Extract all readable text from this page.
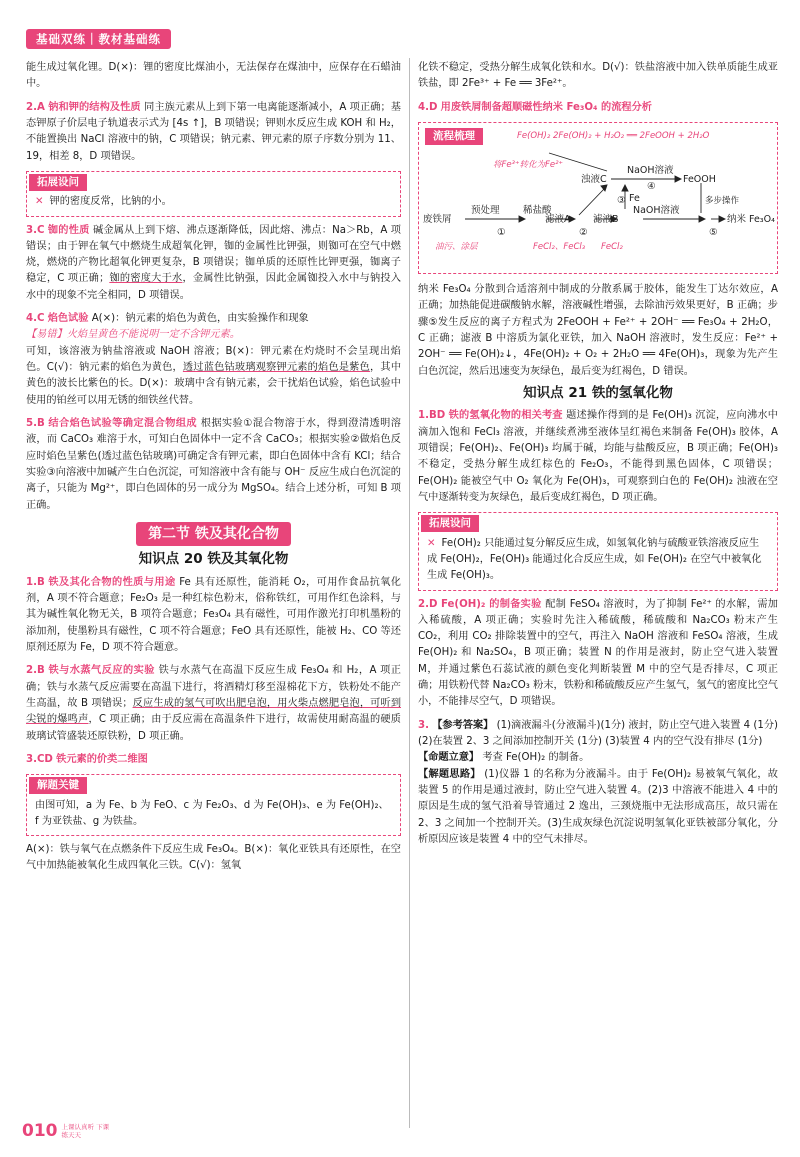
基础双练｜教材基础练

能生成过氧化锂。D(×)：锂的密度比煤油小，无法保存在煤油中，应保存在石蜡油中。

2.A 钠和钾的结构及性质 同主族元素从上到下第一电离能逐渐减小，A 项正确；基态钾原子价层电子轨道表示式为 [4s ↑]，B 项错误；钾则水反应生成 KOH 和 H₂，不能置换出 NaCl 溶液中的钠，C 项错误；钠元素、钾元素的原子序数分别为 11、19，相差 8，D 项错误。

拓展设问
✕ 钾的密度反常，比钠的小。

3.C 铷的性质 碱金属从上到下熔、沸点逐渐降低，因此熔、沸点：Na＞Rb，A 项错误；由于钾在氧气中燃烧生成超氧化钾，铷的金属性比钾强，则铷可在空气中燃烧，燃烧的产物比超氧化钾更复杂，B 项错误；铷单质的还原性比钾更强，铷离子稳定，C 项正确；铷的密度大于水，金属性比钠强，因此金属铷投入水中与钠投入水中的现象不完全相同，D 项错误。

4.C 焰色试验 A(×)：钠元素的焰色为黄色，由实验操作和现象
【易错】火焰呈黄色不能说明一定不含钾元素。
可知，该溶液为钠盐溶液或 NaOH 溶液；B(×)：钾元素在灼烧时不会呈现出焰色。C(√)：钠元素的焰色为黄色，透过蓝色钴玻璃观察钾元素的焰色是紫色，其中黄色的波长比紫色的长。D(×)：玻璃中含有钠元素，会干扰焰色试验，焰色试验中使用的铂丝可以用无锈的细铁丝代替。

5.B 结合焰色试验等确定混合物组成 根据实验①混合物溶于水，得到澄清透明溶液，而 CaCO₃ 难溶于水，可知白色固体中一定不含 CaCO₃；根据实验②做焰色反应时焰色呈紫色(透过蓝色钴玻璃)可确定含有钾元素，即白色固体中含有 KCl；结合实验③向溶液中加碱产生白色沉淀，可知溶液中含有能与 OH⁻ 反应生成白色沉淀的离子，只能为 Mg²⁺，即白色固体的另一成分为 MgSO₄。结合上述分析，可知 B 项正确。

第二节 铁及其化合物
知识点 20 铁及其氧化物

1.B 铁及其化合物的性质与用途 Fe 具有还原性，能消耗 O₂，可用作食品抗氧化剂，A 项不符合题意；Fe₂O₃ 是一种红棕色粉末，俗称铁红，可用作红色涂料，与其为碱性氧化物无关，B 项符合题意；Fe₃O₄ 具有磁性，可用作激光打印机墨粉的添加剂，使墨粉具有磁性，C 项不符合题意；FeO 具有还原性，能被 H₂、CO 等还原剂还原为 Fe，D 项不符合题意。

2.B 铁与水蒸气反应的实验 铁与水蒸气在高温下反应生成 Fe₃O₄ 和 H₂，A 项正确；铁与水蒸气反应需要在高温下进行，将酒精灯移至湿棉花下方，铁粉处不能产生高温，故 B 项错误；反应生成的氢气可吹出肥皂泡，用火柴点燃肥皂泡，可听到尖锐的爆鸣声，C 项正确；由于反应需在高温条件下进行，故需使用耐高温的硬质玻璃试管盛装还原铁粉，D 项正确。

3.CD 铁元素的价类二维图

解题关键
由图可知，a 为 Fe、b 为 FeO、c 为 Fe₂O₃、d 为 Fe(OH)₃、e 为 Fe(OH)₂、f 为亚铁盐、g 为铁盐。

A(×)：铁与氧气在点燃条件下反应生成 Fe₃O₄。B(×)：氧化亚铁具有还原性，在空气中加热能被氧化生成四氧化三铁。C(√)：氢氧

化铁不稳定，受热分解生成氧化铁和水。D(√)：铁盐溶液中加入铁单质能生成亚铁盐，即 2Fe³⁺ + Fe ══ 3Fe²⁺。

4.D 用废铁屑制备超顺磁性纳米 Fe₃O₄ 的流程分析

废铁屑
预处理 稀盐酸
滤液A
浊液C
NaOH溶液
FeOOH
NaOH溶液
滤液B
多步操作
纳米 Fe₃O₄
①	②
③
④
⑤
Fe
Fe(OH)₂ 2Fe(OH)₂ + H₂O₂ ══ 2FeOOH + 2H₂O
将Fe³⁺转化为Fe²⁺
油污、涂层	FeCl₂、FeCl₃ FeCl₂
流程梳理

纳米 Fe₃O₄ 分散到合适溶剂中制成的分散系属于胶体，能发生丁达尔效应，A 正确；加热能促进碳酸钠水解，溶液碱性增强，去除油污效果更好，B 正确；步骤⑤发生反应的离子方程式为 2FeOOH + Fe²⁺ + 2OH⁻ ══ Fe₃O₄ + 2H₂O，C 正确；滤液 B 中溶质为氯化亚铁，加入 NaOH 溶液时，发生反应：Fe²⁺ + 2OH⁻ ══ Fe(OH)₂↓，4Fe(OH)₂ + O₂ + 2H₂O ══ 4Fe(OH)₃，现象为先产生白色沉淀，然后迅速变为灰绿色，最后变为红褐色，D 错误。

知识点 21 铁的氢氧化物

1.BD 铁的氢氧化物的相关考查 题述操作得到的是 Fe(OH)₃ 沉淀，应向沸水中滴加入饱和 FeCl₃ 溶液，并继续煮沸至液体呈红褐色来制备 Fe(OH)₃ 胶体，A 项错误；Fe(OH)₂、Fe(OH)₃ 均属于碱，均能与盐酸反应，B 项正确；Fe(OH)₃ 不稳定，受热分解生成红棕色的 Fe₂O₃，不能得到黑色固体，C 项错误；Fe(OH)₂ 能被空气中 O₂ 氧化为 Fe(OH)₃，可观察到白色的 Fe(OH)₂ 浊液在空气中逐渐转变为灰绿色，最后变成红褐色，D 项正确。

拓展设问
✕ Fe(OH)₂ 只能通过复分解反应生成，如氢氧化钠与硫酸亚铁溶液反应生成 Fe(OH)₂，Fe(OH)₃ 能通过化合反应生成，如 Fe(OH)₂ 在空气中被氧化生成 Fe(OH)₃。

2.D Fe(OH)₂ 的制备实验 配制 FeSO₄ 溶液时，为了抑制 Fe²⁺ 的水解，需加入稀硫酸，A 项正确；实验时先注入稀硫酸，稀硫酸和 Na₂CO₃ 粉末产生 CO₂，利用 CO₂ 排除装置中的空气，再注入 NaOH 溶液和 FeSO₄ 溶液，生成 Fe(OH)₂ 和 Na₂SO₄，B 项正确；装置 N 的作用是液封，防止空气进入装置 M，并通过紫色石蕊试液的颜色变化判断装置 M 中的空气是否排尽，C 项正确；用铁粉代替 Na₂CO₃ 粉末，铁粉和稀硫酸反应产生氢气，氢气的密度比空气小，不能排尽空气，D 项错误。

3. 【参考答案】 (1)滴液漏斗(分液漏斗)(1分) 液封，防止空气进入装置 4 (1分) (2)在装置 2、3 之间添加控制开关 (1分) (3)装置 4 内的空气没有排尽 (1分)
【命题立意】 考查 Fe(OH)₂ 的制备。
【解题思路】 (1)仪器 1 的名称为分液漏斗。由于 Fe(OH)₂ 易被氧气氧化，故装置 5 的作用是通过液封，防止空气进入装置 4。(2)3 中溶液不能进入 4 中的原因是生成的氢气沿着导管通过 2 逸出，三颈烧瓶中无法形成高压，故只需在 2、3 之间加一个控制开关。(3)生成灰绿色沉淀说明氢氧化亚铁被部分氧化，分析原因应该是装置 4 中的空气未排尽。

010 上课认真听 下课练天天
